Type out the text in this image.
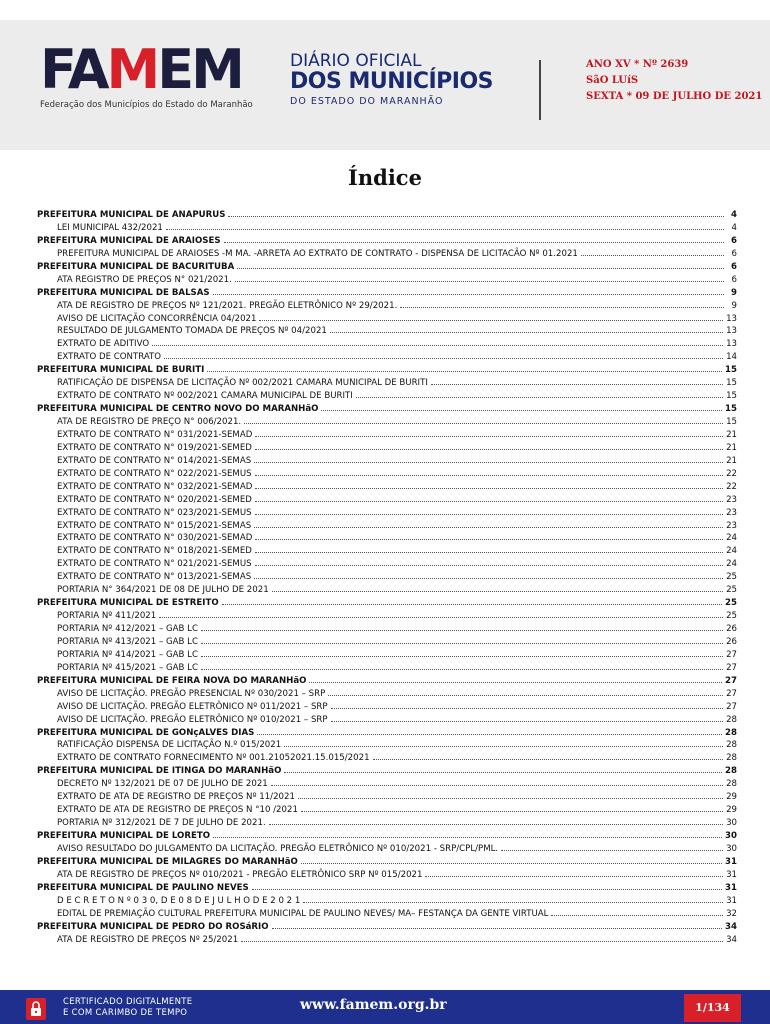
FAMEM
Federação dos Municípios do Estado do Maranhão
DIÁRIO OFICIAL
DOS MUNICÍPIOS
DO ESTADO DO MARANHÃO
ANO XV * Nº 2639
SãO LUíS
SEXTA * 09 DE JULHO DE 2021
Índice
PREFEITURA MUNICIPAL DE ANAPURUS	4
LEI MUNICIPAL 432/2021	4
PREFEITURA MUNICIPAL DE ARAIOSES	6
PREFEITURA MUNICIPAL DE ARAIOSES -M MA. -ARRETA AO EXTRATO DE CONTRATO - DISPENSA DE LICITACÃO Nº 01.2021	6
PREFEITURA MUNICIPAL DE BACURITUBA	6
ATA REGISTRO DE PREÇOS N° 021/2021.	6
PREFEITURA MUNICIPAL DE BALSAS	9
ATA DE REGISTRO DE PREÇOS Nº 121/2021. PREGÃO ELETRÔNICO Nº 29/2021.	9
AVISO DE LICITAÇÃO CONCORRÊNCIA 04/2021	13
RESULTADO DE JULGAMENTO TOMADA DE PREÇOS Nº 04/2021	13
EXTRATO DE ADITIVO	13
EXTRATO DE CONTRATO	14
PREFEITURA MUNICIPAL DE BURITI	15
RATIFICAÇÃO DE DISPENSA DE LICITAÇÃO Nº 002/2021 CAMARA MUNICIPAL DE BURITI	15
EXTRATO DE CONTRATO Nº 002/2021 CAMARA MUNICIPAL DE BURITI	15
PREFEITURA MUNICIPAL DE CENTRO NOVO DO MARANHãO	15
ATA DE REGISTRO DE PREÇO N° 006/2021.	15
EXTRATO DE CONTRATO N° 031/2021-SEMAD	21
EXTRATO DE CONTRATO N° 019/2021-SEMED	21
EXTRATO DE CONTRATO N° 014/2021-SEMAS	21
EXTRATO DE CONTRATO N° 022/2021-SEMUS	22
EXTRATO DE CONTRATO N° 032/2021-SEMAD	22
EXTRATO DE CONTRATO N° 020/2021-SEMED	23
EXTRATO DE CONTRATO N° 023/2021-SEMUS	23
EXTRATO DE CONTRATO N° 015/2021-SEMAS	23
EXTRATO DE CONTRATO N° 030/2021-SEMAD	24
EXTRATO DE CONTRATO N° 018/2021-SEMED	24
EXTRATO DE CONTRATO N° 021/2021-SEMUS	24
EXTRATO DE CONTRATO N° 013/2021-SEMAS	25
PORTARIA N° 364/2021 DE 08 DE JULHO DE 2021	25
PREFEITURA MUNICIPAL DE ESTREITO	25
PORTARIA Nº 411/2021	25
PORTARIA Nº 412/2021 – GAB LC	26
PORTARIA Nº 413/2021 – GAB LC	26
PORTARIA Nº 414/2021 – GAB LC	27
PORTARIA Nº 415/2021 – GAB LC	27
PREFEITURA MUNICIPAL DE FEIRA NOVA DO MARANHãO	27
AVISO DE LICITAÇÃO. PREGÃO PRESENCIAL Nº 030/2021 – SRP	27
AVISO DE LICITAÇÃO. PREGÃO ELETRÔNICO Nº 011/2021 – SRP	27
AVISO DE LICITAÇÃO. PREGÃO ELETRÔNICO Nº 010/2021 – SRP	28
PREFEITURA MUNICIPAL DE GONçALVES DIAS	28
RATIFICAÇÃO DISPENSA DE LICITAÇÃO N.º 015/2021	28
EXTRATO DE CONTRATO FORNECIMENTO Nº 001.21052021.15.015/2021	28
PREFEITURA MUNICIPAL DE ITINGA DO MARANHãO	28
DECRETO Nº 132/2021 DE 07 DE JULHO DE 2021	28
EXTRATO DE ATA DE REGISTRO DE PREÇOS Nº 11/2021	29
EXTRATO DE ATA DE REGISTRO DE PREÇOS N °10 /2021	29
PORTARIA Nº 312/2021 DE 7 DE JULHO DE 2021.	30
PREFEITURA MUNICIPAL DE LORETO	30
AVISO RESULTADO DO JULGAMENTO DA LICITAÇÃO. PREGÃO ELETRÔNICO Nº 010/2021 - SRP/CPL/PML.	30
PREFEITURA MUNICIPAL DE MILAGRES DO MARANHãO	31
ATA DE REGISTRO DE PREÇOS Nº 010/2021 - PREGÃO ELETRÔNICO SRP Nº 015/2021	31
PREFEITURA MUNICIPAL DE PAULINO NEVES	31
D E C R E T O N º 0 3 0, D E 0 8 D E J U L H O D E 2 0 2 1	31
EDITAL DE PREMIAÇÃO CULTURAL PREFEITURA MUNICIPAL DE PAULINO NEVES/ MA– FESTANÇA DA GENTE VIRTUAL	32
PREFEITURA MUNICIPAL DE PEDRO DO ROSáRIO	34
ATA DE REGISTRO DE PREÇOS Nº 25/2021	34
CERTIFICADO DIGITALMENTE
E COM CARIMBO DE TEMPO	www.famem.org.br	1/134
